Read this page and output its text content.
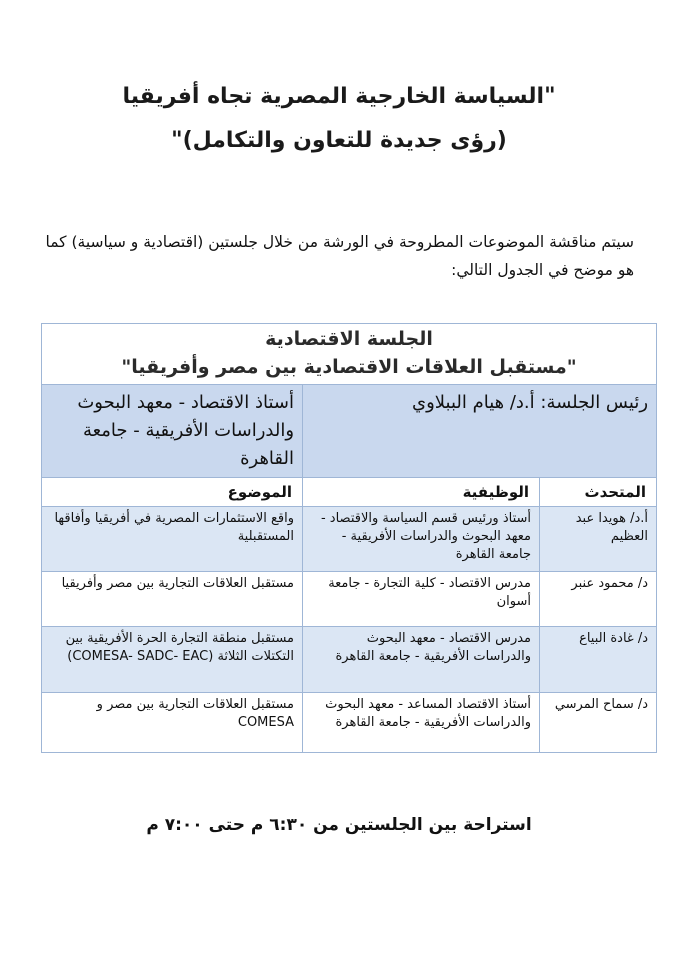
"السياسة الخارجية المصرية تجاه أفريقيا
(رؤى جديدة للتعاون والتكامل)"
سيتم مناقشة الموضوعات المطروحة في الورشة من خلال جلستين (اقتصادية و سياسية) كما هو موضح في الجدول التالي:
الجلسة الاقتصادية
"مستقبل العلاقات الاقتصادية بين مصر وأفريقيا"		

رئيس الجلسة: أ.د/ هيام الببلاوي		أستاذ الاقتصاد - معهد البحوث والدراسات الأفريقية - جامعة القاهرة
المتحدث	الوظيفية	الموضوع
أ.د/ هويدا عبد العظيم	أستاذ ورئيس قسم السياسة والاقتصاد - معهد البحوث والدراسات الأفريقية - جامعة القاهرة	واقع الاستثمارات المصرية في أفريقيا وأفاقها المستقبلية
د/ محمود عنبر	مدرس الاقتصاد - كلية التجارة - جامعة أسوان	مستقبل العلاقات التجارية بين مصر وأفريقيا
د/ غادة البياع	مدرس الاقتصاد - معهد البحوث والدراسات الأفريقية - جامعة القاهرة	مستقبل منطقة التجارة الحرة الأفريقية بين التكتلات الثلاثة (COMESA- SADC- EAC)
د/ سماح المرسي	أستاذ الاقتصاد المساعد - معهد البحوث والدراسات الأفريقية - جامعة القاهرة	مستقبل العلاقات التجارية بين مصر و COMESA
استراحة بين الجلستين من ٦:٣٠ م حتى ٧:٠٠ م
